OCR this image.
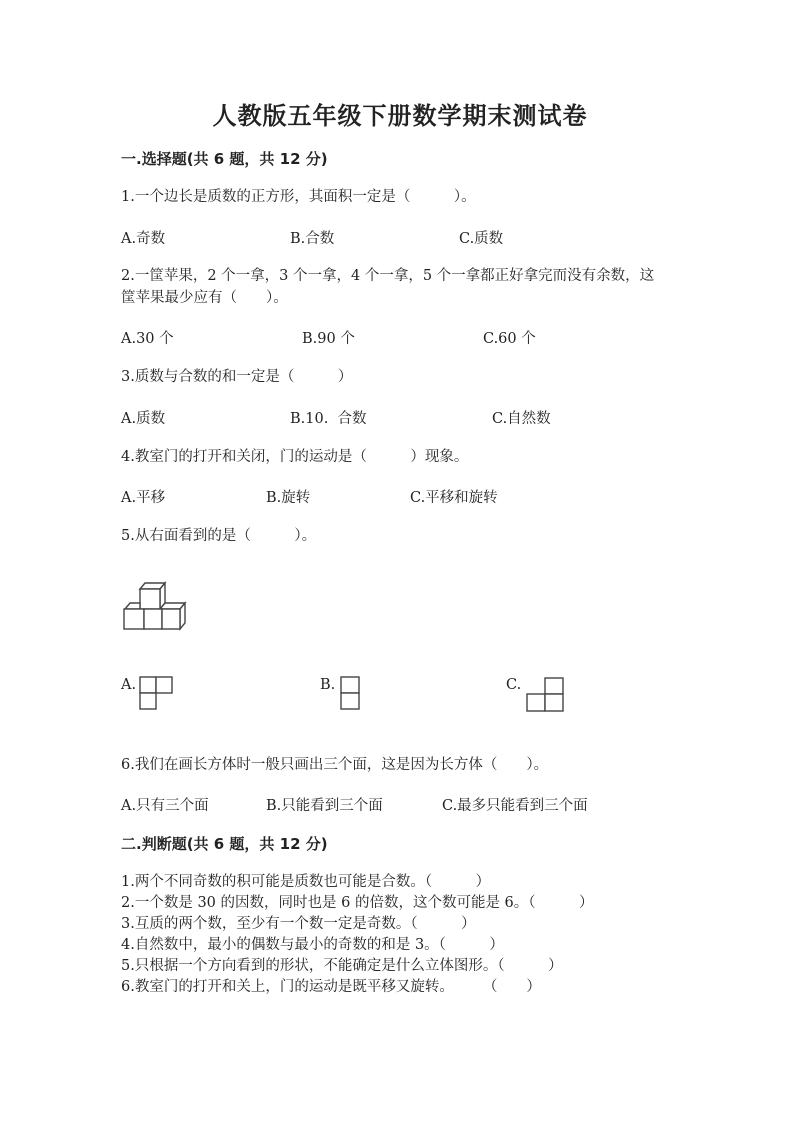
人教版五年级下册数学期末测试卷
一.选择题(共 6 题，共 12 分)
1.一个边长是质数的正方形，其面积一定是（　　　）。
A.奇数	B.合数	C.质数
2.一筐苹果，2 个一拿，3 个一拿，4 个一拿，5 个一拿都正好拿完而没有余数，这筐苹果最少应有（　　）。
A.30 个	B.90 个	C.60 个
3.质数与合数的和一定是（　　　）
A.质数	B.10.  合数	C.自然数
4.教室门的打开和关闭，门的运动是（　　　）现象。
A.平移	B.旋转	C.平移和旋转
5.从右面看到的是（　　　）。
A.	B.	C.
6.我们在画长方体时一般只画出三个面，这是因为长方体（　　）。
A.只有三个面	B.只能看到三个面	C.最多只能看到三个面
二.判断题(共 6 题，共 12 分)
1.两个不同奇数的积可能是质数也可能是合数。（　　　）
2.一个数是 30 的因数，同时也是 6 的倍数，这个数可能是 6。（　　　）
3.互质的两个数，至少有一个数一定是奇数。（　　　）
4.自然数中，最小的偶数与最小的奇数的和是 3。（　　　）
5.只根据一个方向看到的形状，不能确定是什么立体图形。（　　　）
6.教室门的打开和关上，门的运动是既平移又旋转。　　　（　　）
